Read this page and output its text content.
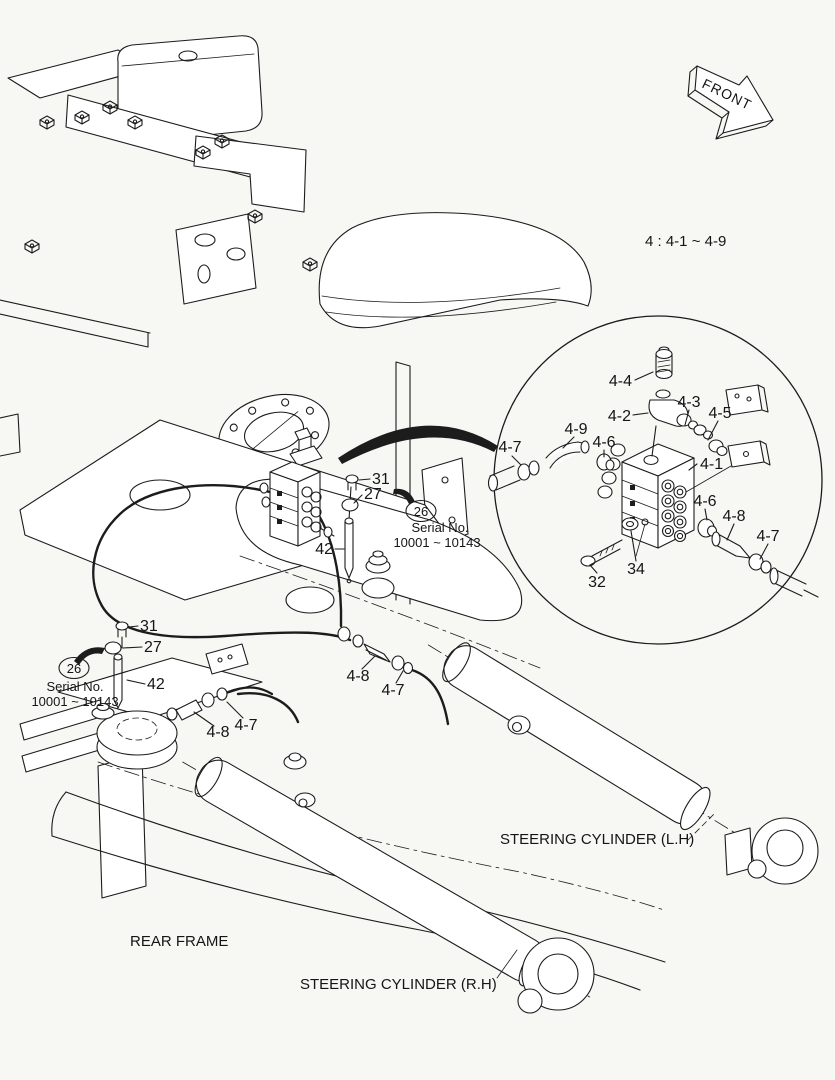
4-4
4-2
4-3
4-5
4-7
4-9
4-6
4-1
4-6
4-8
4-7
34
32
31
27
42
26
Serial No.
10001 ~ 10143
31
27
42
26
Serial No.
10001 ~ 10143
4-8 4-7
4-8
4-7
REAR FRAME
STEERING CYLINDER (L.H)
STEERING CYLINDER (R.H)
4 : 4-1 ~ 4-9
FRONT
